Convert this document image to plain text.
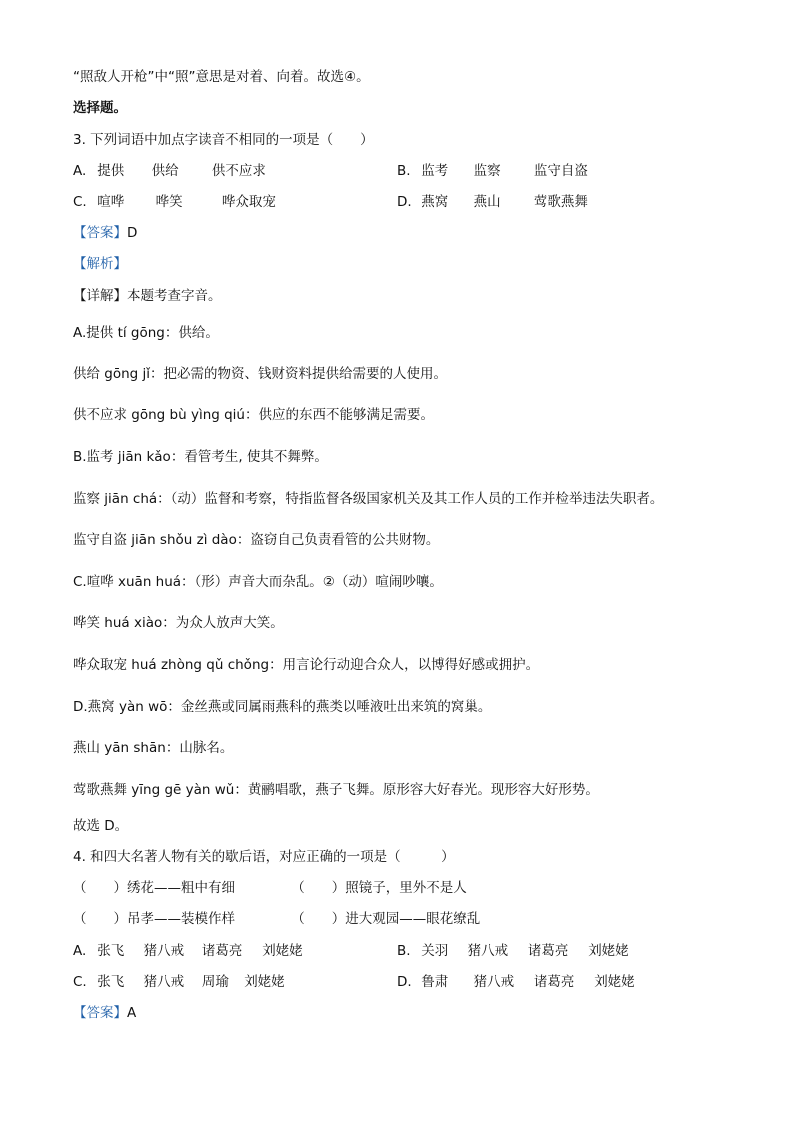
“照敌人开枪”中“照”意思是对着、向着。故选④。
选择题。
3. 下列词语中加点字读音不相同的一项是（　　）
A. 提供 供给 供不应求	B. 监考 监察 监守自盗
C. 喧哗 哗笑	哗众取宠	D. 燕窝 燕山 莺歌燕舞
【答案】D
【解析】
【详解】本题考查字音。
A.提供 tí gōng：供给。
供给 gōng jǐ：把必需的物资、钱财资料提供给需要的人使用。
供不应求 gōng bù yìng qiú：供应的东西不能够满足需要。
B.监考 jiān kǎo：看管考生, 使其不舞弊。
监察 jiān chá：（动）监督和考察，特指监督各级国家机关及其工作人员的工作并检举违法失职者。
监守自盗 jiān shǒu zì dào：盗窃自己负责看管的公共财物。
C.喧哗 xuān huá：（形）声音大而杂乱。②（动）喧闹吵嚷。
哗笑 huá xiào：为众人放声大笑。
哗众取宠 huá zhòng qǔ chǒng：用言论行动迎合众人，以博得好感或拥护。
D.燕窝 yàn wō：金丝燕或同属雨燕科的燕类以唾液吐出来筑的窝巢。
燕山 yān shān：山脉名。
莺歌燕舞 yīng gē yàn wǔ：黄鹂唱歌，燕子飞舞。原形容大好春光。现形容大好形势。
故选 D。
4. 和四大名著人物有关的歇后语，对应正确的一项是（　　　）
（　　）绣花——粗中有细	（　　）照镜子，里外不是人
（　　）吊孝——装模作样	（　　）进大观园——眼花缭乱
A. 张飞 猪八戒 诸葛亮 刘姥姥	B. 关羽 猪八戒 诸葛亮 刘姥姥
C. 张飞 猪八戒 周瑜 刘姥姥	D. 鲁肃 猪八戒 诸葛亮 刘姥姥
【答案】A
